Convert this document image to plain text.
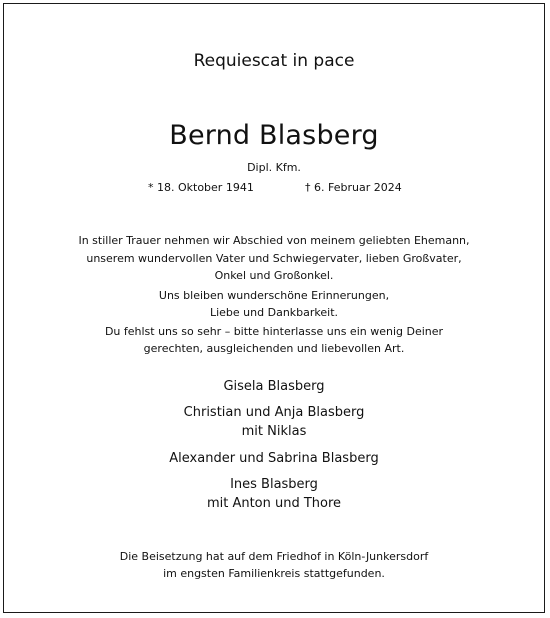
Requiescat in pace

Bernd Blasberg

Dipl. Kfm.

* 18. Oktober 1941	† 6. Februar 2024

In stiller Trauer nehmen wir Abschied von meinem geliebten Ehemann,

unserem wundervollen Vater und Schwiegervater, lieben Großvater,

Onkel und Großonkel.

Uns bleiben wunderschöne Erinnerungen,

Liebe und Dankbarkeit.

Du fehlst uns so sehr – bitte hinterlasse uns ein wenig Deiner

gerechten, ausgleichenden und liebevollen Art.

Gisela Blasberg

Christian und Anja Blasberg

mit Niklas

Alexander und Sabrina Blasberg

Ines Blasberg

mit Anton und Thore

Die Beisetzung hat auf dem Friedhof in Köln-Junkersdorf

im engsten Familienkreis stattgefunden.
